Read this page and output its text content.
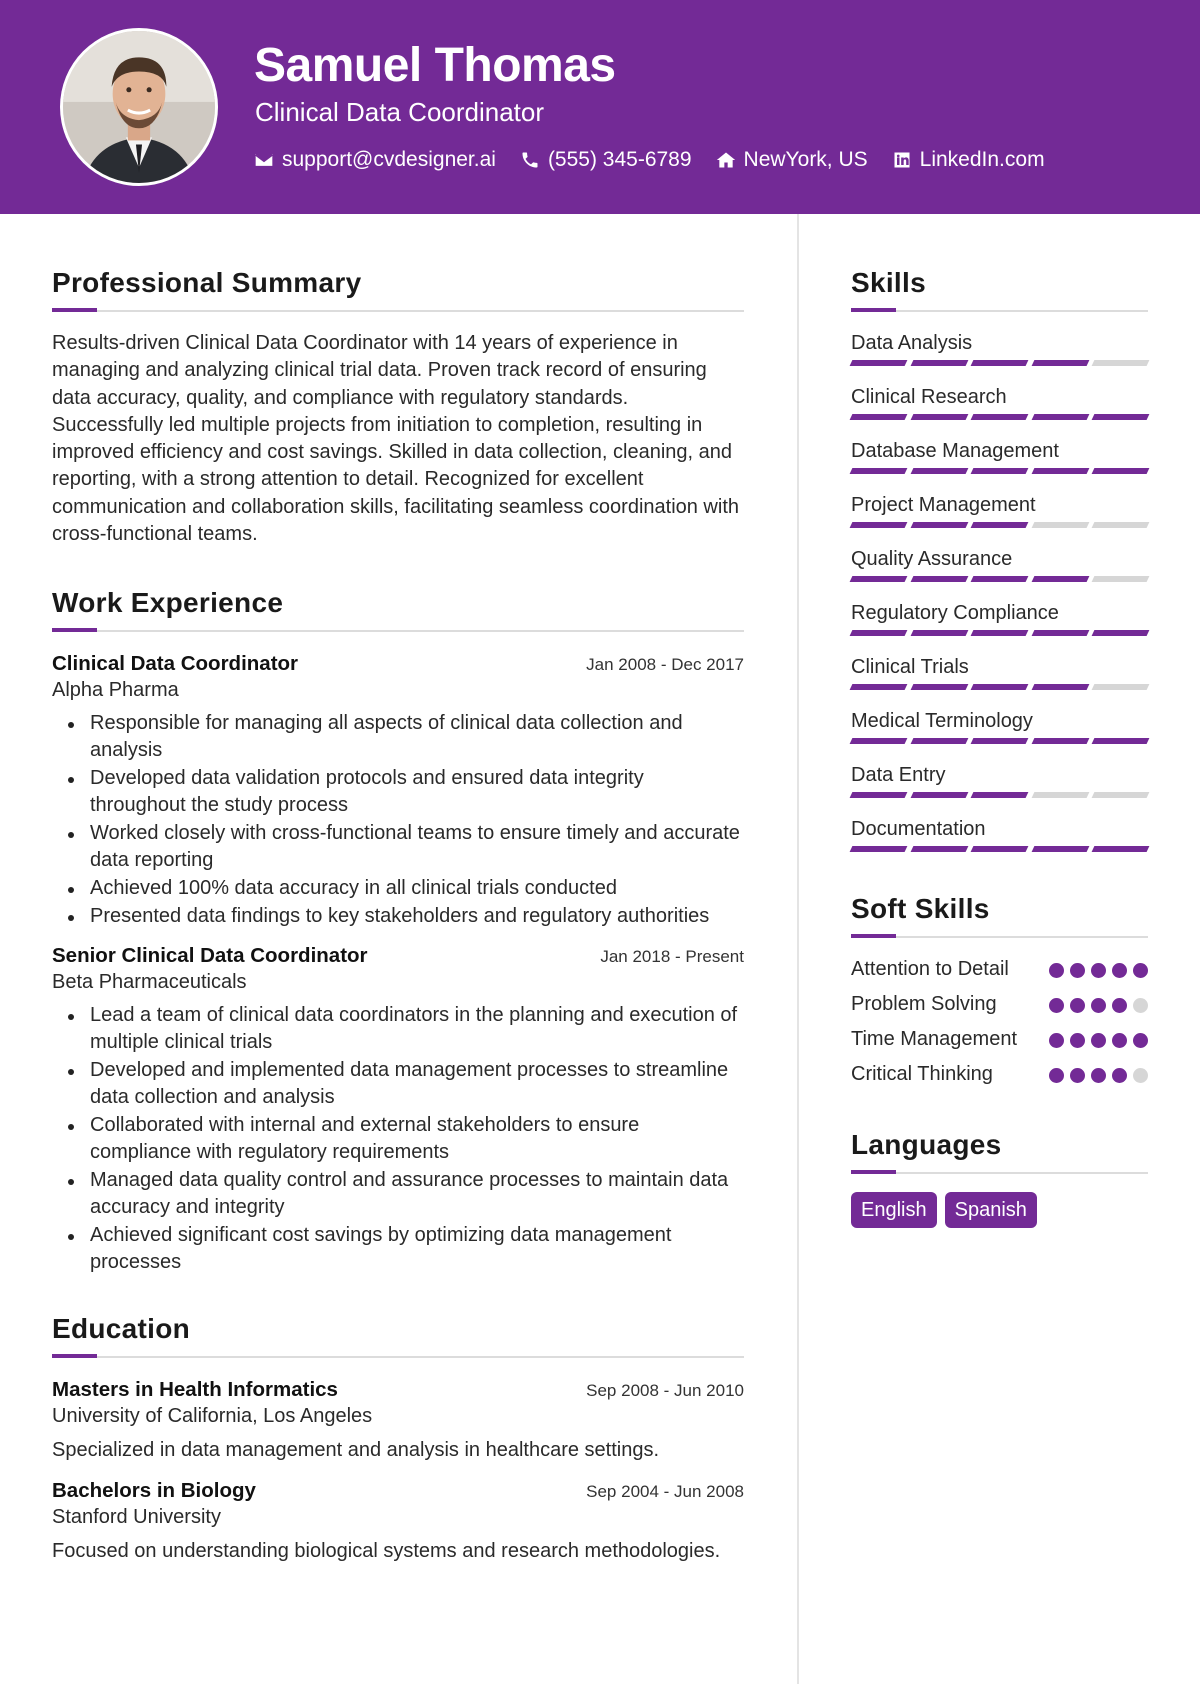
Samuel Thomas
Clinical Data Coordinator
support@cvdesigner.ai (555) 345-6789 NewYork, US LinkedIn.com
Professional Summary

Results-driven Clinical Data Coordinator with 14 years of experience in managing and analyzing clinical trial data. Proven track record of ensuring data accuracy, quality, and compliance with regulatory standards. Successfully led multiple projects from initiation to completion, resulting in improved efficiency and cost savings. Skilled in data collection, cleaning, and reporting, with a strong attention to detail. Recognized for excellent communication and collaboration skills, facilitating seamless coordination with cross-functional teams.

Work Experience
Clinical Data Coordinator	Jan 2008 - Dec 2017
Alpha Pharma
Responsible for managing all aspects of clinical data collection and analysis
Developed data validation protocols and ensured data integrity throughout the study process
Worked closely with cross-functional teams to ensure timely and accurate data reporting
Achieved 100% data accuracy in all clinical trials conducted
Presented data findings to key stakeholders and regulatory authorities
Senior Clinical Data Coordinator	Jan 2018 - Present
Beta Pharmaceuticals
Lead a team of clinical data coordinators in the planning and execution of multiple clinical trials
Developed and implemented data management processes to streamline data collection and analysis
Collaborated with internal and external stakeholders to ensure compliance with regulatory requirements
Managed data quality control and assurance processes to maintain data accuracy and integrity
Achieved significant cost savings by optimizing data management processes
Education
Masters in Health Informatics	Sep 2008 - Jun 2010
University of California, Los Angeles

Specialized in data management and analysis in healthcare settings.

Bachelors in Biology	Sep 2004 - Jun 2008
Stanford University

Focused on understanding biological systems and research methodologies.

Skills
Data Analysis
Clinical Research
Database Management
Project Management
Quality Assurance
Regulatory Compliance
Clinical Trials
Medical Terminology
Data Entry
Documentation
Soft Skills
Attention to Detail
Problem Solving
Time Management
Critical Thinking
Languages
English	Spanish
